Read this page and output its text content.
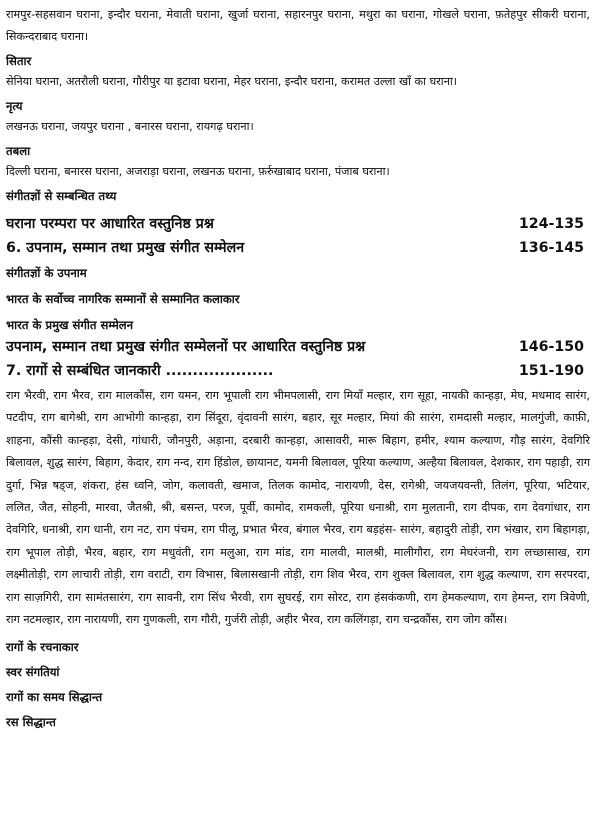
रामपुर-सहसवान घराना, इन्दौर घराना, मेवाती घराना, खुर्जा घराना, सहारनपुर घराना, मथुरा का घराना, गोखले घराना, फ़तेहपुर सीकरी घराना, सिकन्दराबाद घराना।

सितार

सेनिया घराना, अतरौली घराना, गौरीपुर या इटावा घराना, मेहर घराना, इन्दौर घराना, करामत उल्ला खाँ का घराना।

नृत्य

लखनऊ घराना, जयपुर घराना , बनारस घराना, रायगढ़ घराना।

तबला

दिल्ली घराना, बनारस घराना, अजराड़ा घराना, लखनऊ घराना, फ़र्रुखाबाद घराना, पंजाब घराना।

संगीतज्ञों से सम्बन्धित तथ्य
घराना परम्परा पर आधारित वस्तुनिष्ठ प्रश्न	124-135
6. उपनाम, सम्मान तथा प्रमुख संगीत सम्मेलन	136-145
संगीतज्ञों के उपनाम
भारत के सर्वोच्च नागरिक सम्मानों से सम्मानित कलाकार
भारत के प्रमुख संगीत सम्मेलन
उपनाम, सम्मान तथा प्रमुख संगीत सम्मेलनों पर आधारित वस्तुनिष्ठ प्रश्न	146-150
7. रागों से सम्बंधित जानकारी ....................	151-190

राग भैरवी, राग भैरव, राग मालकौंस, राग यमन, राग भूपाली राग भीमपलासी, राग मियाँ मल्हार, राग सूहा, नायकी कान्हड़ा, मेघ, मधमाद सारंग, पटदीप, राग बागेश्री, राग आभोगी कान्हड़ा, राग सिंदूरा, वृंदावनी सारंग, बहार, सूर मल्हार, मियां की सारंग, रामदासी मल्हार, मालगुंजी, काफ़ी, शाहना, कौंसी कान्हड़ा, देसी, गांधारी, जौनपुरी, अड़ाना, दरबारी कान्हड़ा, आसावरी, मारू बिहाग, हमीर, श्याम कल्याण, गौड़ सारंग, देवगिरि बिलावल, शुद्ध सारंग, बिहाग, केदार, राग नन्द, राग हिंडोल, छायानट, यमनी बिलावल, पूरिया कल्याण, अल्हैया बिलावल, देशकार, राग पहाड़ी, राग दुर्गा, भिन्न षड्ज, शंकरा, हंस ध्वनि, जोग, कलावती, खमाज, तिलक कामोद, नारायणी, देस, रागेश्री, जयजयवन्ती, तिलंग, पूरिया, भटियार, ललित, जैत, सोहनी, मारवा, जैतश्री, श्री, बसन्त, परज, पूर्वी, कामोद, रामकली, पूरिया धनाश्री, राग मुलतानी, राग दीपक, राग देवगांधार, राग देवगिरि, धनाश्री, राग धानी, राग नट, राग पंचम, राग पीलू, प्रभात भैरव, बंगाल भैरव, राग बड़हंस- सारंग, बहादुरी तोड़ी, राग भंखार, राग बिहागड़ा, राग भूपाल तोड़ी, भैरव, बहार, राग मधुवंती, राग मलुआ, राग मांड, राग मालवी, मालश्री, मालीगौरा, राग मेघरंजनी, राग लच्छासाख, राग लक्ष्मीतोड़ी, राग लाचारी तोड़ी, राग वराटी, राग विभास, बिलासखानी तोड़ी, राग शिव भैरव, राग शुक्ल बिलावल, राग शुद्ध कल्याण, राग सरपरदा, राग साज़गिरी, राग सामंतसारंग, राग सावनी, राग सिंध भैरवी, राग सुघरई, राग सोरट, राग हंसकंकणी, राग हेमकल्याण, राग हेमन्त, राग त्रिवेणी, राग नटमल्हार, राग नारायणी, राग गुणकली, राग गौरी, गुर्जरी तोड़ी, अहीर भैरव, राग कलिंगड़ा, राग चन्द्रकौंस, राग जोग कौंस।

रागों के रचनाकार
स्वर संगतियां
रागों का समय सिद्धान्त
रस सिद्धान्त
